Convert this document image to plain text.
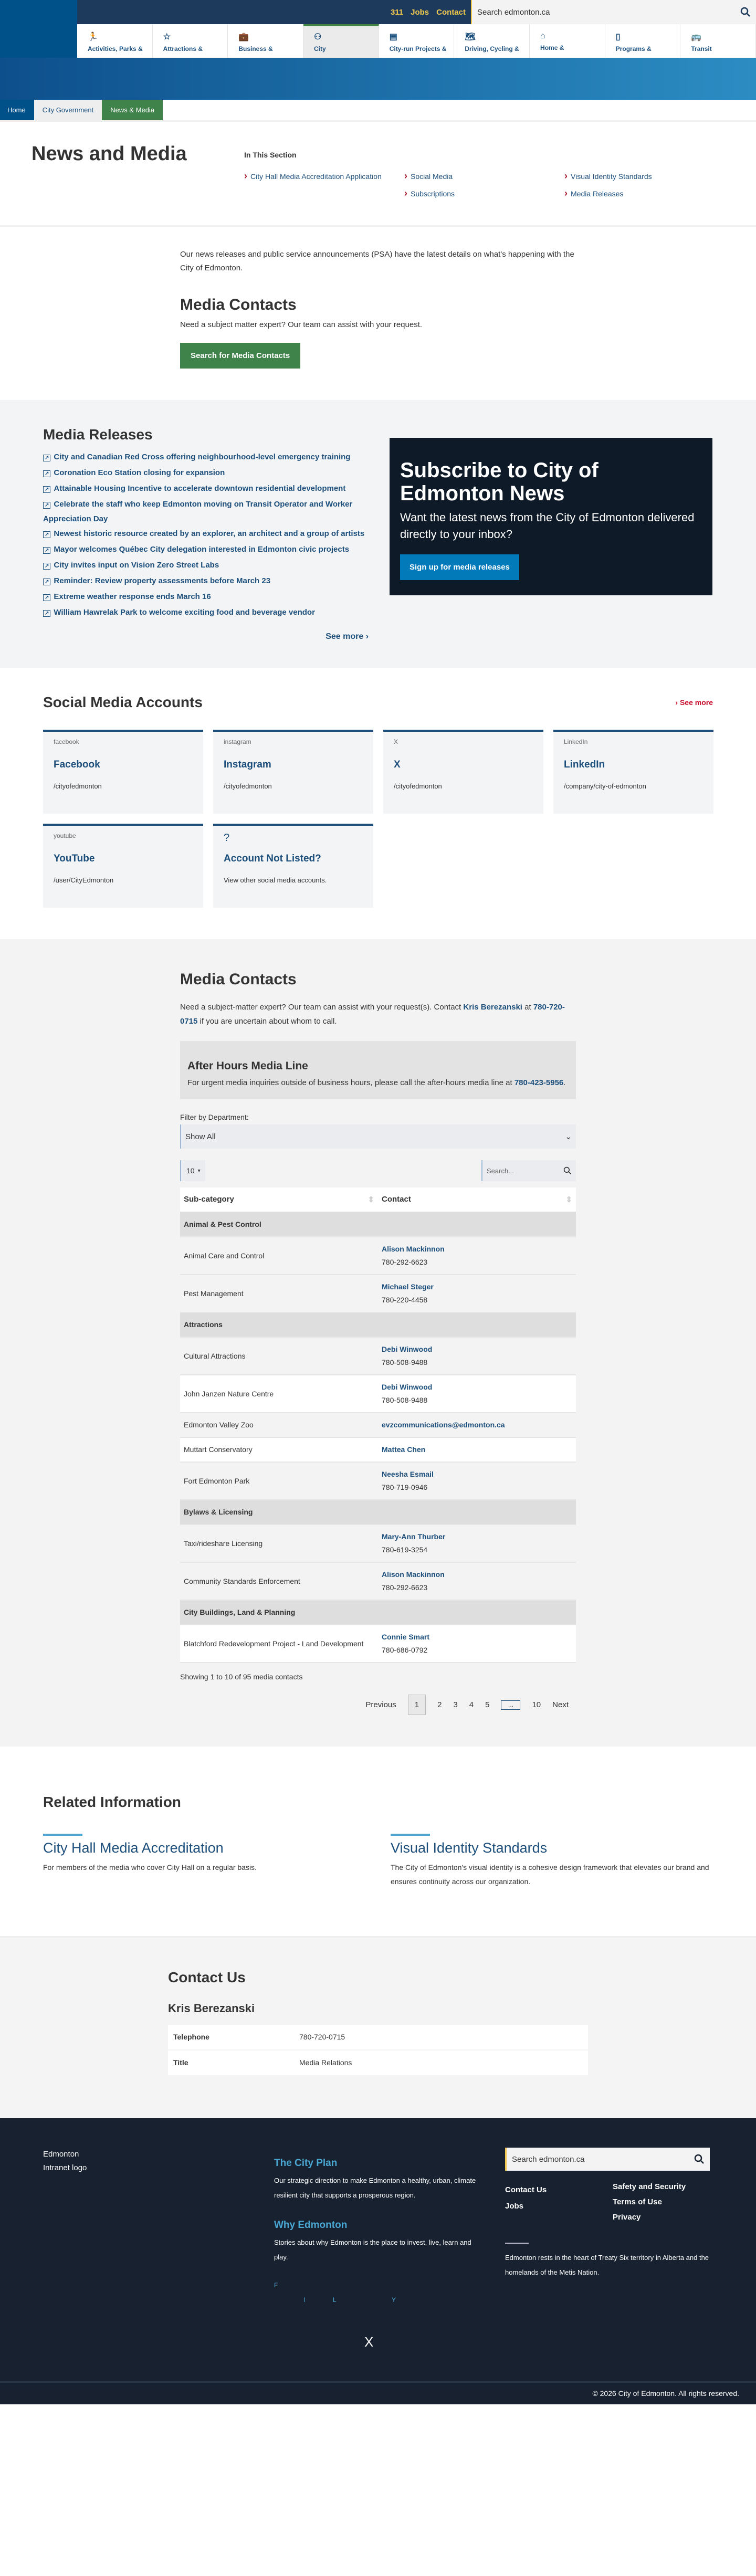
311 Jobs Contact Search edmonton.ca
🏃
Activities, Parks &
☆
Attractions &
💼
Business &
⚇
City
▤
City-run Projects &
🗺
Driving, Cycling &
⌂
Home &
▯
Programs &
🚌
Transit
Home	City Government	News & Media
News and Media	In This Section
› City Hall Media Accreditation Application	› Social Media	› Visual Identity Standards
› Subscriptions	› Media Releases

Our news releases and public service announcements (PSA) have the latest details on what's happening with the City of Edmonton.

Media Contacts

Need a subject matter expert? Our team can assist with your request.

Search for Media Contacts
Media Releases
↗ City and Canadian Red Cross offering neighbourhood-level emergency training
↗ Coronation Eco Station closing for expansion
↗ Attainable Housing Incentive to accelerate downtown residential development
↗ Celebrate the staff who keep Edmonton moving on Transit Operator and Worker Appreciation Day
↗ Newest historic resource created by an explorer, an architect and a group of artists
↗ Mayor welcomes Québec City delegation interested in Edmonton civic projects
↗ City invites input on Vision Zero Street Labs
↗ Reminder: Review property assessments before March 23
↗ Extreme weather response ends March 16
↗ William Hawrelak Park to welcome exciting food and beverage vendor
See more ›
Subscribe to City of Edmonton News

Want the latest news from the City of Edmonton delivered directly to your inbox?

Sign up for media releases
Social Media Accounts	› See more
facebook
Facebook

/cityofedmonton

instagram
Instagram

/cityofedmonton

X
X

/cityofedmonton

LinkedIn
LinkedIn

/company/city-of-edmonton

youtube
YouTube

/user/CityEdmonton

?
Account Not Listed?

View other social media accounts.

Media Contacts

Need a subject-matter expert? Our team can assist with your request(s). Contact Kris Berezanski at 780-720-0715 if you are uncertain about whom to call.

After Hours Media Line

For urgent media inquiries outside of business hours, please call the after-hours media line at 780-423-5956.

Filter by Department:
Show All	⌄
10 ▾	Search...
Sub-category ⇕	Contact ⇕

Animal & Pest Control	
Animal Care and Control	Alison Mackinnon
780-292-6623
Pest Management	Michael Steger
780-220-4458
Attractions	
Cultural Attractions	Debi Winwood
780-508-9488
John Janzen Nature Centre	Debi Winwood
780-508-9488
Edmonton Valley Zoo	evzcommunications@edmonton.ca

Muttart Conservatory	Mattea Chen

Fort Edmonton Park	Neesha Esmail
780-719-0946
Bylaws & Licensing	
Taxi/rideshare Licensing	Mary-Ann Thurber
780-619-3254
Community Standards Enforcement	Alison Mackinnon
780-292-6623
City Buildings, Land & Planning	
Blatchford Redevelopment Project - Land Development	Connie Smart
780-686-0792
Showing 1 to 10 of 95 media contacts
Previous	1	2 3 4 5	…	10 Next
Related Information
City Hall Media Accreditation

For members of the media who cover City Hall on a regular basis.

Visual Identity Standards

The City of Edmonton's visual identity is a cohesive design framework that elevates our brand and ensures continuity across our organization.

Contact Us
Kris Berezanski
Telephone	780-720-0715
Title	Media Relations
Edmonton Intranet logo	The City Plan

Our strategic direction to make Edmonton a healthy, urban, climate resilient city that supports a prosperous region.

Why Edmonton

Stories about why Edmonton is the place to invest, live, learn and play.

F
I	L	Y
X
Search edmonton.ca
Contact Us
Jobs
Safety and Security
Terms of Use
Privacy

Edmonton rests in the heart of Treaty Six territory in Alberta and the homelands of the Metis Nation.

© 2026 City of Edmonton. All rights reserved.
